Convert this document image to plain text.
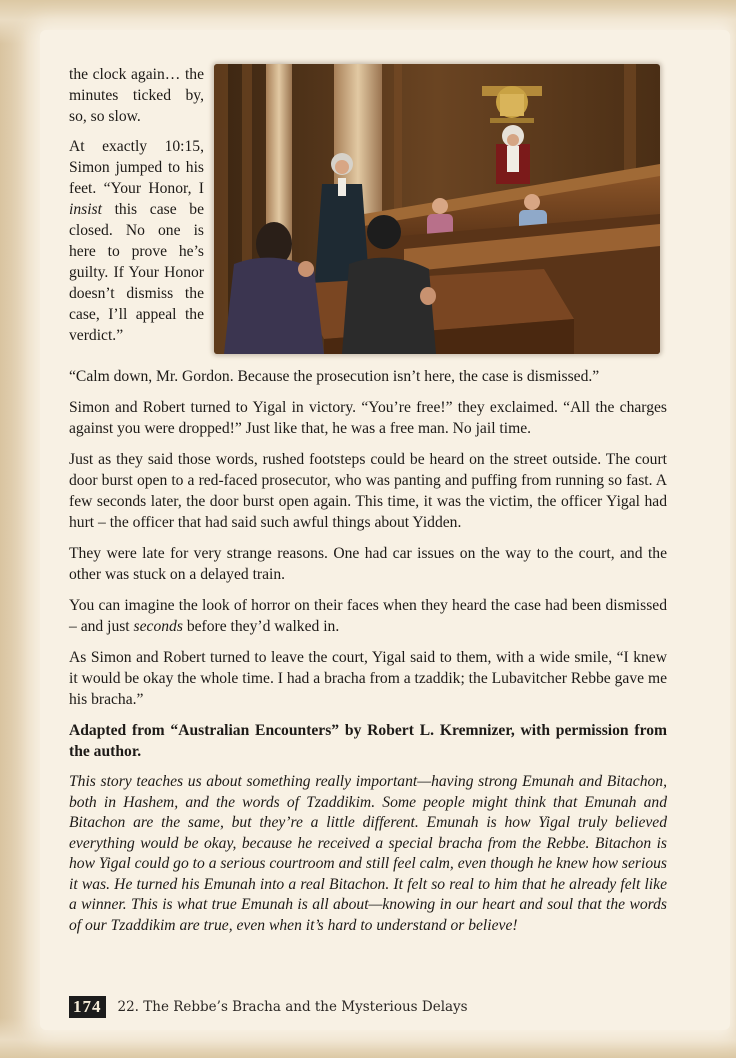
the clock again… the minutes ticked by, so, so slow.

At exactly 10:15, Simon jumped to his feet. “Your Honor, I insist this case be closed. No one is here to prove he’s guilty. If Your Honor doesn’t dismiss the case, I’ll appeal the verdict.”

“Calm down, Mr. Gordon. Because the prosecution isn’t here, the case is dismissed.”

Simon and Robert turned to Yigal in victory. “You’re free!” they exclaimed. “All the charges against you were dropped!” Just like that, he was a free man. No jail time.

Just as they said those words, rushed footsteps could be heard on the street outside. The court door burst open to a red-faced prosecutor, who was panting and puffing from running so fast. A few seconds later, the door burst open again. This time, it was the victim, the officer Yigal had hurt – the officer that had said such awful things about Yidden.

They were late for very strange reasons. One had car issues on the way to the court, and the other was stuck on a delayed train.

You can imagine the look of horror on their faces when they heard the case had been dismissed – and just seconds before they’d walked in.

As Simon and Robert turned to leave the court, Yigal said to them, with a wide smile, “I knew it would be okay the whole time. I had a bracha from a tzaddik; the Lubavitcher Rebbe gave me his bracha.”

Adapted from “Australian Encounters” by Robert L. Kremnizer, with permission from the author.

This story teaches us about something really important—having strong Emunah and Bitachon, both in Hashem, and the words of Tzaddikim. Some people might think that Emunah and Bitachon are the same, but they’re a little different. Emunah is how Yigal truly believed everything would be okay, because he received a special bracha from the Rebbe. Bitachon is how Yigal could go to a serious courtroom and still feel calm, even though he knew how serious it was. He turned his Emunah into a real Bitachon. It felt so real to him that he already felt like a winner. This is what true Emunah is all about—knowing in our heart and soul that the words of our Tzaddikim are true, even when it’s hard to understand or believe!

174 22. The Rebbe’s Bracha and the Mysterious Delays
